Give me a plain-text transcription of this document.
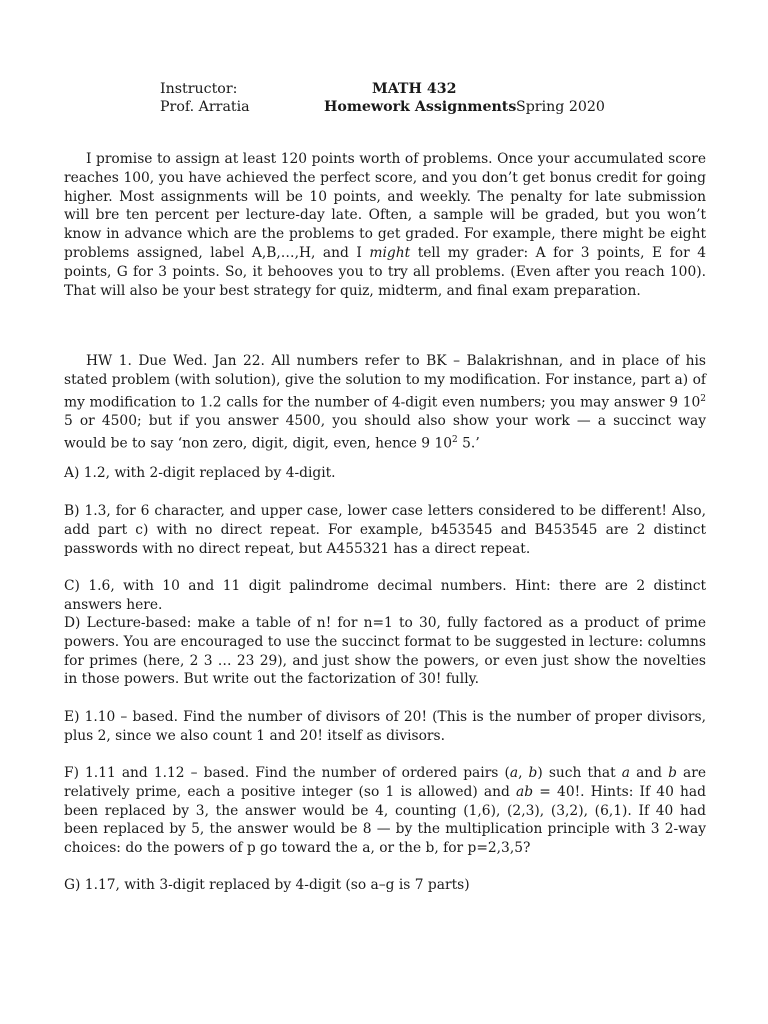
Instructor:
Prof. Arratia
MATH 432
Homework Assignments Spring 2020
I promise to assign at least 120 points worth of problems. Once your accumulated score reaches 100, you have achieved the perfect score, and you don’t get bonus credit for going higher. Most assignments will be 10 points, and weekly. The penalty for late submission will bre ten percent per lecture-day late. Often, a sample will be graded, but you won’t know in advance which are the problems to get graded. For example, there might be eight problems assigned, label A,B,…,H, and I might tell my grader: A for 3 points, E for 4 points, G for 3 points. So, it behooves you to try all problems. (Even after you reach 100). That will also be your best strategy for quiz, midterm, and final exam preparation.
HW 1. Due Wed. Jan 22. All numbers refer to BK – Balakrishnan, and in place of his stated problem (with solution), give the solution to my modification. For instance, part a) of my modification to 1.2 calls for the number of 4-digit even numbers; you may answer 9 $10^2$ 5 or 4500; but if you answer 4500, you should also show your work — a succinct way would be to say ‘non zero, digit, digit, even, hence 9 $10^2$ 5.’
A) 1.2, with 2-digit replaced by 4-digit.
B) 1.3, for 6 character, and upper case, lower case letters considered to be different! Also, add part c) with no direct repeat. For example, b453545 and B453545 are 2 distinct passwords with no direct repeat, but A455321 has a direct repeat.
C) 1.6, with 10 and 11 digit palindrome decimal numbers. Hint: there are 2 distinct answers here.
D) Lecture-based: make a table of n! for n=1 to 30, fully factored as a product of prime powers. You are encouraged to use the succinct format to be suggested in lecture: columns for primes (here, 2 3 … 23 29), and just show the powers, or even just show the novelties in those powers. But write out the factorization of 30! fully.
E) 1.10 – based. Find the number of divisors of 20! (This is the number of proper divisors, plus 2, since we also count 1 and 20! itself as divisors.
F) 1.11 and 1.12 – based. Find the number of ordered pairs (a, b) such that a and b are relatively prime, each a positive integer (so 1 is allowed) and ab = 40!. Hints: If 40 had been replaced by 3, the answer would be 4, counting (1,6), (2,3), (3,2), (6,1). If 40 had been replaced by 5, the answer would be 8 — by the multiplication principle with 3 2-way choices: do the powers of p go toward the a, or the b, for p=2,3,5?
G) 1.17, with 3-digit replaced by 4-digit (so a–g is 7 parts)
